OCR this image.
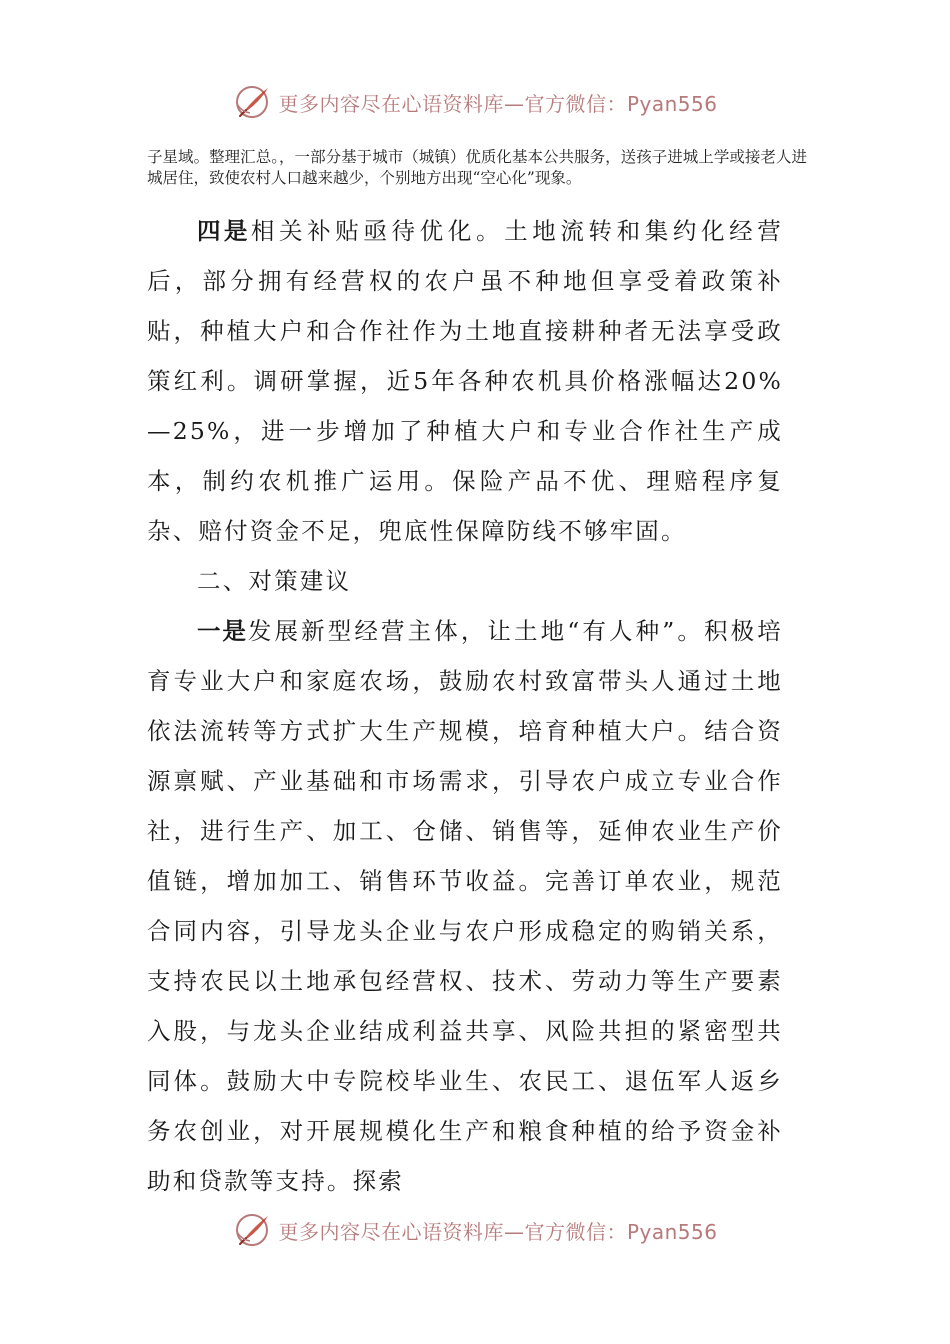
更多内容尽在心语资料库—官方微信：Pyan556
子星域。整理汇总。，一部分基于城市（城镇）优质化基本公共服务，送孩子进城上学或接老人进城居住，致使农村人口越来越少，个别地方出现“空心化”现象。

四是相关补贴亟待优化。土地流转和集约化经营后，部分拥有经营权的农户虽不种地但享受着政策补贴，种植大户和合作社作为土地直接耕种者无法享受政策红利。调研掌握，近5年各种农机具价格涨幅达20%—25%，进一步增加了种植大户和专业合作社生产成本，制约农机推广运用。保险产品不优、理赔程序复杂、赔付资金不足，兜底性保障防线不够牢固。

二、对策建议

一是发展新型经营主体，让土地“有人种”。积极培育专业大户和家庭农场，鼓励农村致富带头人通过土地依法流转等方式扩大生产规模，培育种植大户。结合资源禀赋、产业基础和市场需求，引导农户成立专业合作社，进行生产、加工、仓储、销售等，延伸农业生产价值链，增加加工、销售环节收益。完善订单农业，规范合同内容，引导龙头企业与农户形成稳定的购销关系，支持农民以土地承包经营权、技术、劳动力等生产要素入股，与龙头企业结成利益共享、风险共担的紧密型共同体。鼓励大中专院校毕业生、农民工、退伍军人返乡务农创业，对开展规模化生产和粮食种植的给予资金补助和贷款等支持。探索

更多内容尽在心语资料库—官方微信：Pyan556
